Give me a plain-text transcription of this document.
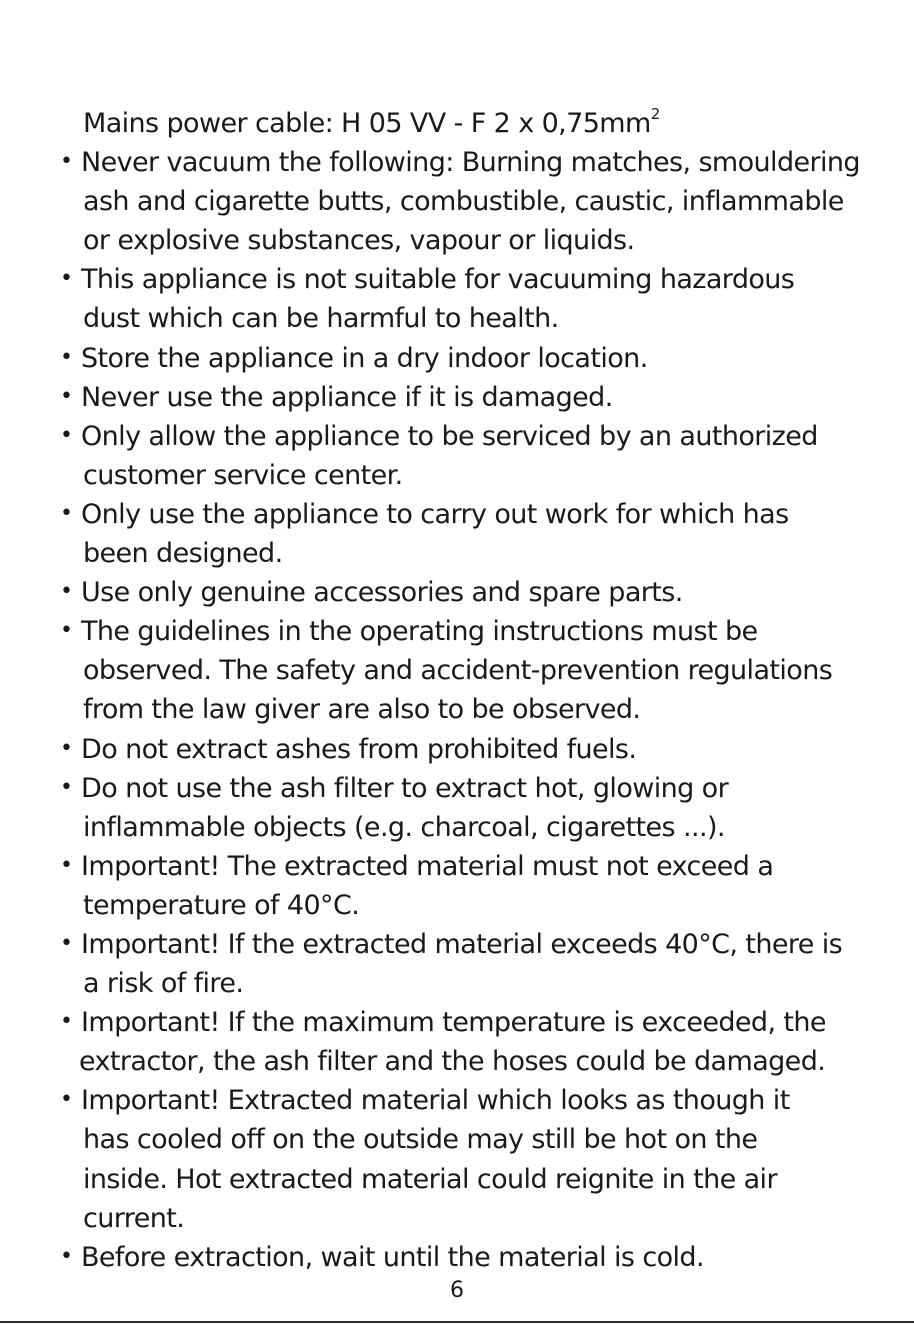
Mains power cable: H 05 VV - F 2 x $0,75mm^2$

• Never vacuum the following: Burning matches, smouldering
ash and cigarette butts, combustible, caustic, inflammable
or explosive substances, vapour or liquids.
• This appliance is not suitable for vacuuming hazardous
dust which can be harmful to health.
• Store the appliance in a dry indoor location.
• Never use the appliance if it is damaged.
• Only allow the appliance to be serviced by an authorized
customer service center.
• Only use the appliance to carry out work for which has
been designed.
• Use only genuine accessories and spare parts.
• The guidelines in the operating instructions must be
observed. The safety and accident-prevention regulations
from the law giver are also to be observed.
• Do not extract ashes from prohibited fuels.
• Do not use the ash filter to extract hot, glowing or
inflammable objects (e.g. charcoal, cigarettes ...).
• Important! The extracted material must not exceed a
temperature of 40°C.
• Important! If the extracted material exceeds 40°C, there is
a risk of fire.
• Important! If the maximum temperature is exceeded, the
extractor, the ash filter and the hoses could be damaged.
• Important! Extracted material which looks as though it
has cooled off on the outside may still be hot on the
inside. Hot extracted material could reignite in the air
current.
• Before extraction, wait until the material is cold.
6
